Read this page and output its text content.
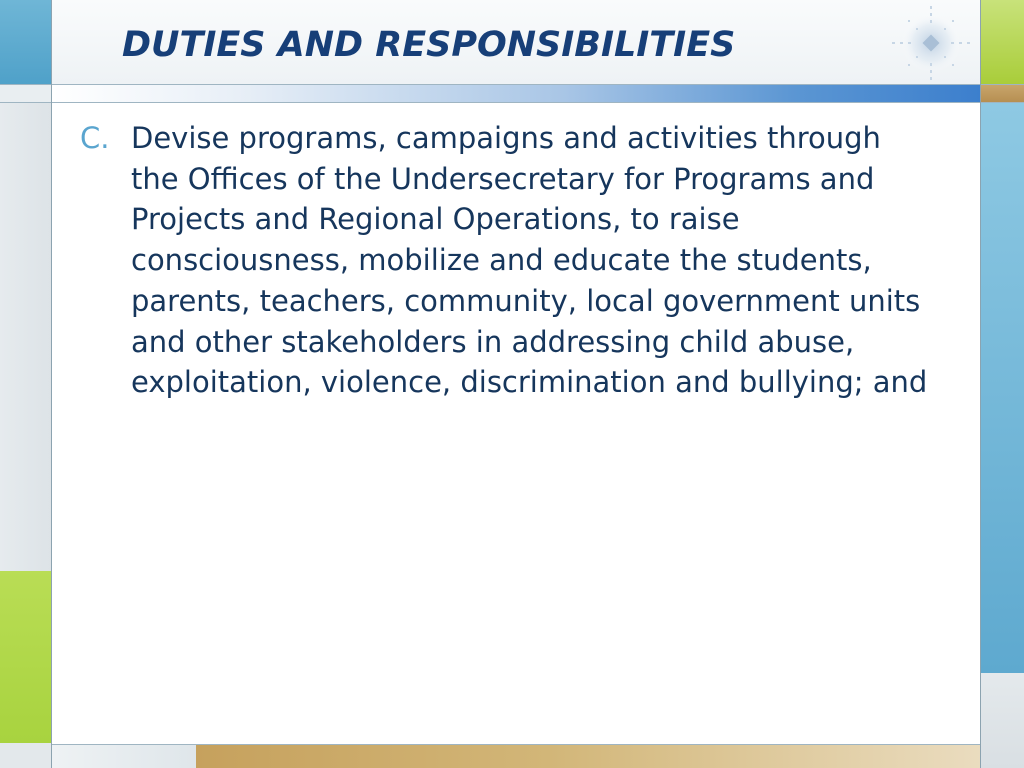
DUTIES AND RESPONSIBILITIES
C. Devise programs, campaigns and activities through the Offices of the Undersecretary for Programs and Projects and Regional Operations, to raise consciousness, mobilize and educate the students, parents, teachers, community, local government units and other stakeholders in addressing child abuse, exploitation, violence, discrimination and bullying; and
